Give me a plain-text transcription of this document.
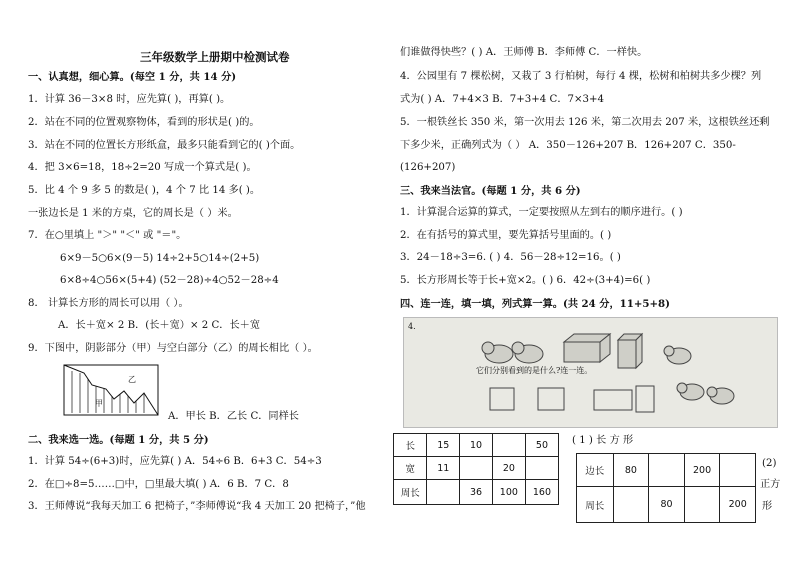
三年级数学上册期中检测试卷
一、认真想，细心算。(每空 1 分，共 14 分)
1．计算 36－3×8 时，应先算( )，再算( )。
2．站在不同的位置观察物体，看到的形状是( )的。
3．站在不同的位置长方形纸盒，最多只能看到它的( )个面。
4．把 3×6=18，18÷2=20 写成一个算式是( )。
5．比 4 个 9 多 5 的数是( )，4 个 7 比 14 多( )。
一张边长是 1 米的方桌，它的周长是（ ）米。
7．在○里填上 "＞" "＜" 或 "＝"。
6×9－5○6×(9－5) 14÷2+5○14÷(2+5)
6×8÷4○56×(5+4) (52－28)÷4○52－28÷4
8． 计算长方形的周长可以用（ ）。
A．长＋宽× 2 B．(长＋宽）× 2 C．长＋宽
9．下图中，阴影部分（甲）与空白部分（乙）的周长相比（ ）。
甲
乙
A．甲长 B．乙长 C．同样长
二、我来选一选。(每题 1 分，共 5 分)
1．计算 54÷(6+3)时，应先算( ) A．54÷6 B．6+3 C．54÷3
2．在□÷8=5……□中，□里最大填( ) A．6 B．7 C．8
3．王师傅说“我每天加工 6 把椅子，”李师傅说“我 4 天加工 20 把椅子，”他
们谁做得快些？( ) A．王师傅 B．李师傅 C．一样快。
4．公园里有 7 棵松树，又栽了 3 行柏树，每行 4 棵，松树和柏树共多少棵？列
式为( ) A．7+4×3 B．7+3+4 C．7×3+4
5．一根铁丝长 350 米，第一次用去 126 米，第二次用去 207 米，这根铁丝还剩
下多少米，正确列式为（ ） A．350－126+207 B．126+207 C．350-
(126+207)
三、我来当法官。(每题 1 分，共 6 分)
1．计算混合运算的算式，一定要按照从左到右的顺序进行。( )
2．在有括号的算式里，要先算括号里面的。( )
3．24－18÷3=6. ( ) 4．56－28÷12=16。( )
5．长方形周长等于长+宽×2。( ) 6．42÷(3+4)=6( )
四、连一连，填一填，列式算一算。(共 24 分，11+5+8)
4.
它们分别看到的是什么?连一连。
长	15	10		50
宽	11		20	
周长		36	100	160
( 1 ) 长 方 形
(2)
正方
形
边长	80		200	
周长		80		200
